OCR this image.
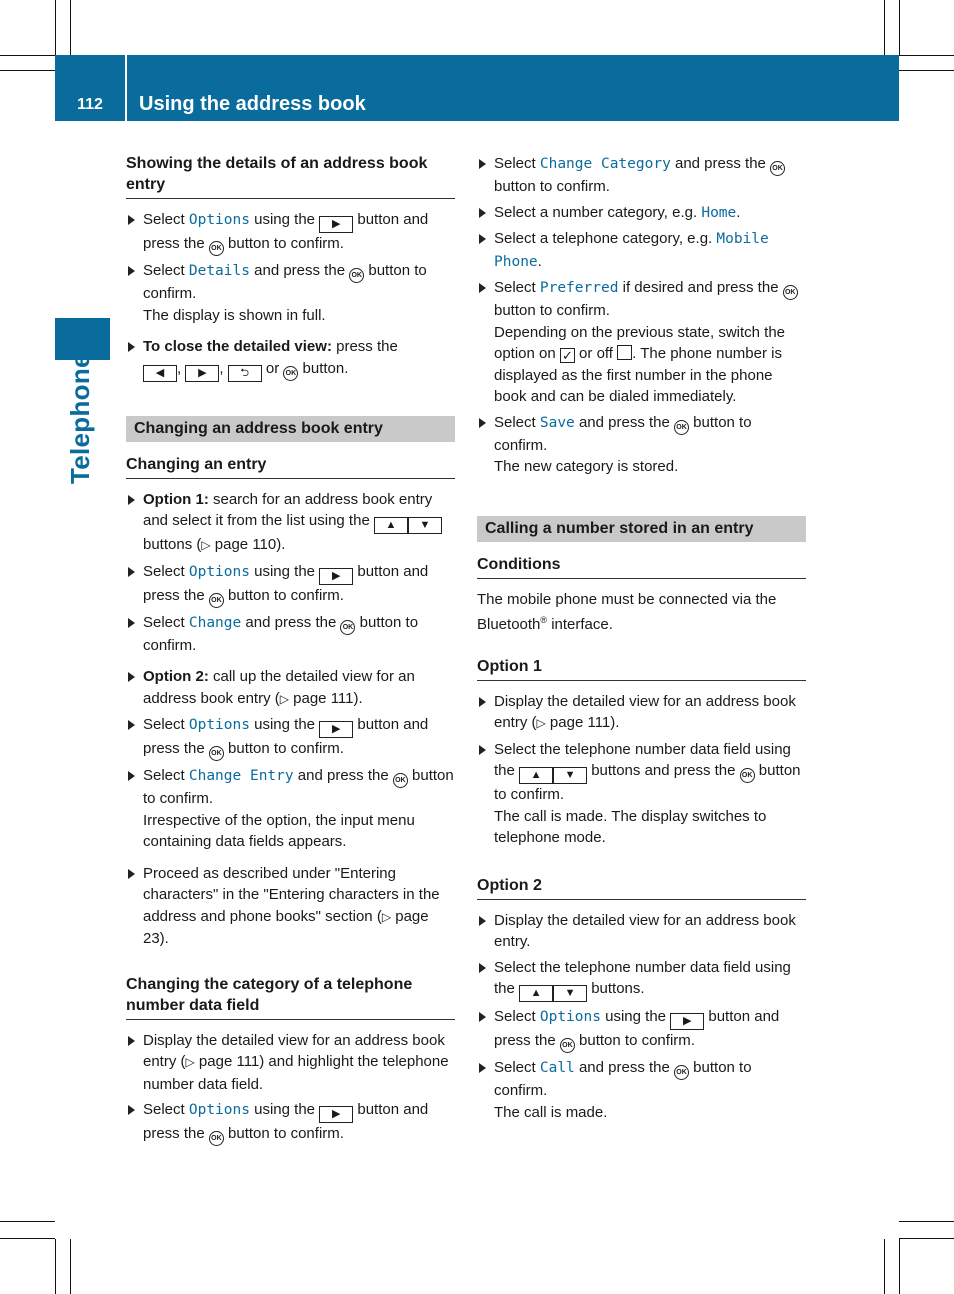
112	Using the address book
Telephone
Showing the details of an address book entry
Select Options using the ▶ button and press the OK button to confirm.
Select Details and press the OK button to confirm.
The display is shown in full.
To close the detailed view: press the
◀ , ▶ , ⮌ or OK button.
Changing an address book entry
Changing an entry
Option 1: search for an address book entry and select it from the list using the ▲ ▼ buttons (▷ page 110).
Select Options using the ▶ button and press the OK button to confirm.
Select Change and press the OK button to confirm.
Option 2: call up the detailed view for an address book entry (▷ page 111).
Select Options using the ▶ button and press the OK button to confirm.
Select Change Entry and press the OK button to confirm.
Irrespective of the option, the input menu containing data fields appears.
Proceed as described under "Entering characters" in the "Entering characters in the address and phone books" section (▷ page 23).
Changing the category of a telephone number data field
Display the detailed view for an address book entry (▷ page 111) and highlight the telephone number data field.
Select Options using the ▶ button and press the OK button to confirm.
Select Change Category and press the OK button to confirm.
Select a number category, e.g. Home.
Select a telephone category, e.g. Mobile Phone.
Select Preferred if desired and press the OK button to confirm.
Depending on the previous state, switch the option on ✓ or off . The phone number is displayed as the first number in the phone book and can be dialed immediately.
Select Save and press the OK button to confirm.
The new category is stored.
Calling a number stored in an entry
Conditions

The mobile phone must be connected via the Bluetooth® interface.

Option 1
Display the detailed view for an address book entry (▷ page 111).
Select the telephone number data field using the ▲ ▼ buttons and press the OK button to confirm.
The call is made. The display switches to telephone mode.
Option 2
Display the detailed view for an address book entry.
Select the telephone number data field using the ▲ ▼ buttons.
Select Options using the ▶ button and press the OK button to confirm.
Select Call and press the OK button to confirm.
The call is made.
